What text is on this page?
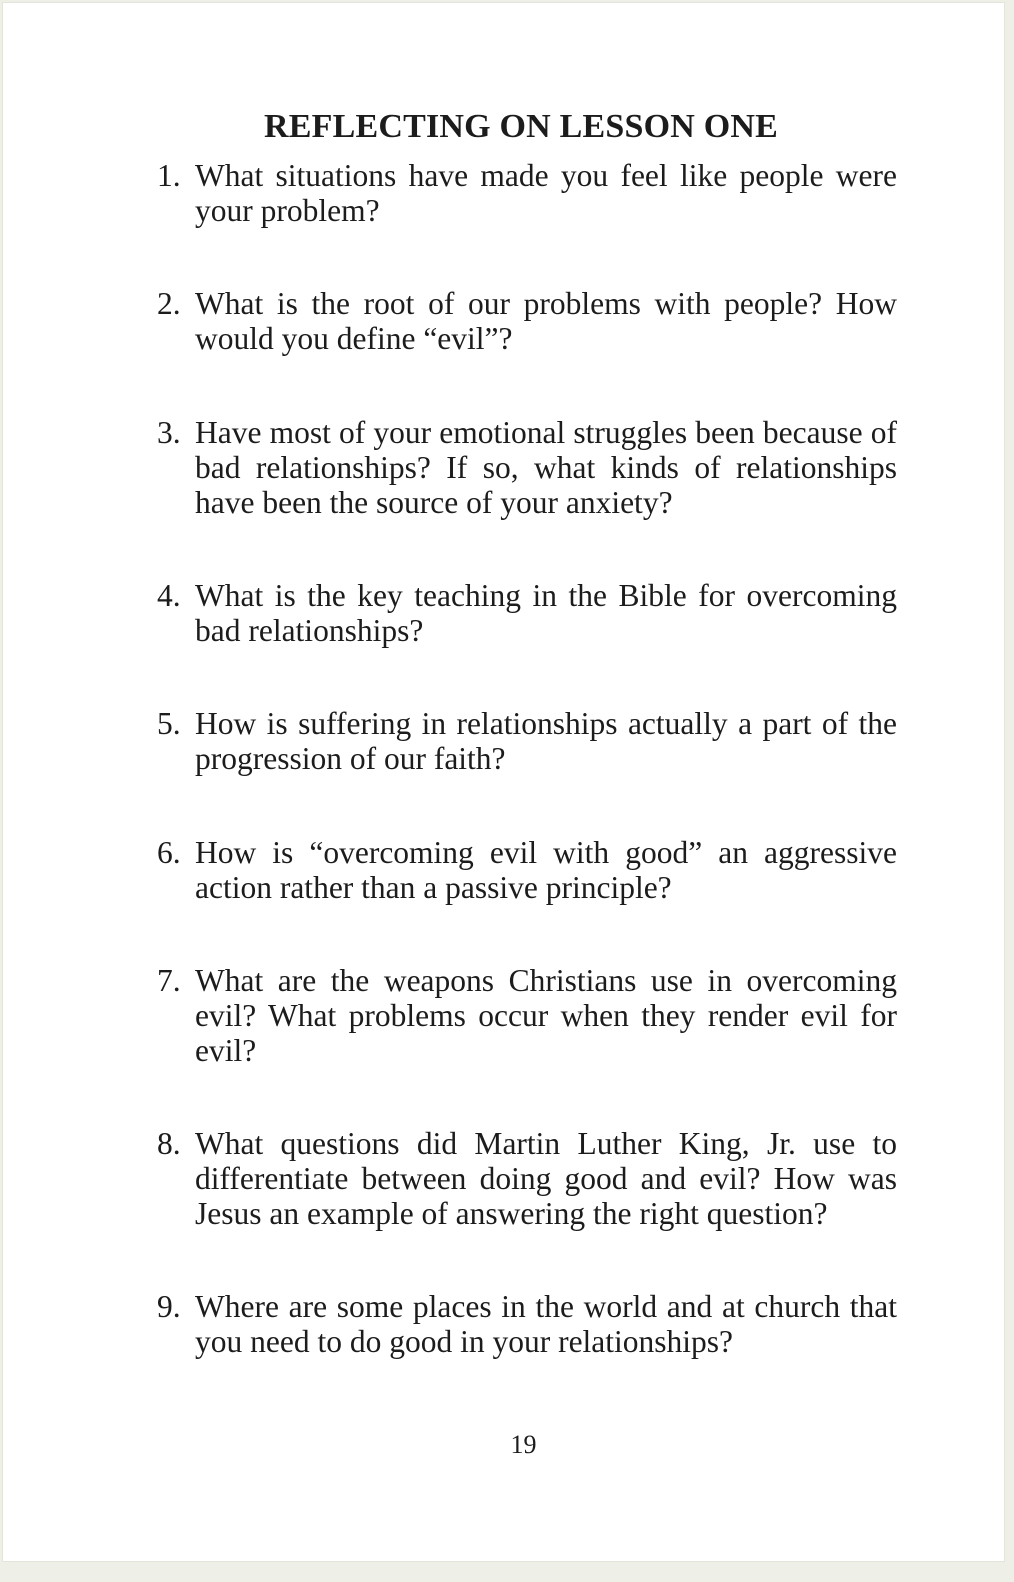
REFLECTING ON LESSON ONE
1. What situations have made you feel like people were your problem?
2. What is the root of our problems with people? How would you define “evil”?
3. Have most of your emotional struggles been because of bad relationships? If so, what kinds of relationships have been the source of your anxiety?
4. What is the key teaching in the Bible for overcoming bad relationships?
5. How is suffering in relationships actually a part of the progression of our faith?
6. How is “overcoming evil with good” an aggressive action rather than a passive principle?
7. What are the weapons Christians use in overcoming evil? What problems occur when they render evil for evil?
8. What questions did Martin Luther King, Jr. use to differentiate between doing good and evil? How was Jesus an example of answering the right question?
9. Where are some places in the world and at church that you need to do good in your relationships?
19
